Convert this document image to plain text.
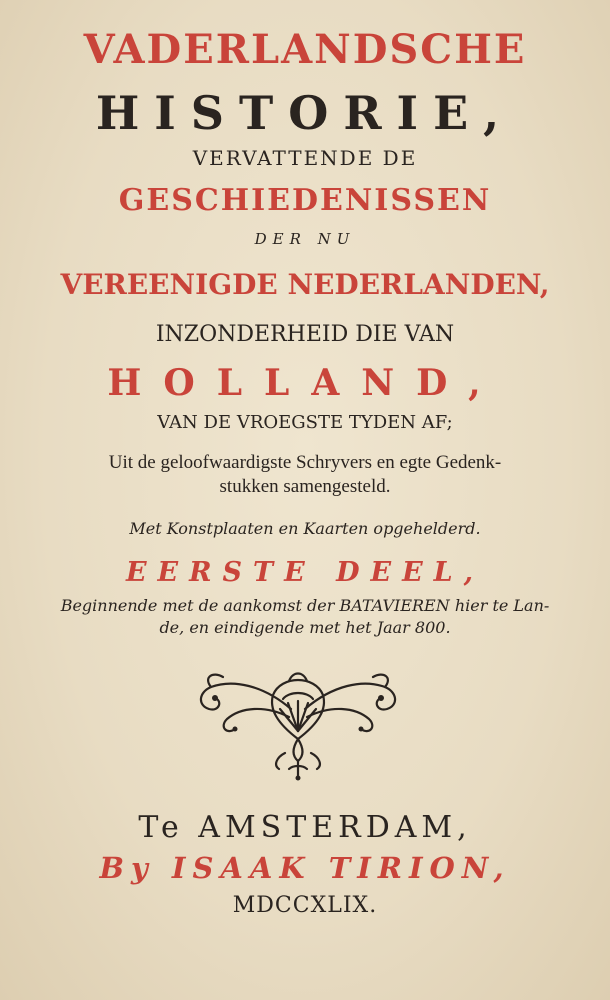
VADERLANDSCHE
HISTORIE,
VERVATTENDE DE
GESCHIEDENISSEN
DER NU
VEREENIGDE NEDERLANDEN,
INZONDERHEID DIE VAN
HOLLAND,
VAN DE VROEGSTE TYDEN AF;
Uit de geloofwaardigste Schryvers en egte Gedenk-
stukken samengesteld.
Met Konstplaaten en Kaarten opgehelderd.
EERSTE DEEL,
Beginnende met de aankomst der BATAVIEREN hier te Lan-
de, en eindigende met het Jaar 800.
Te AMSTERDAM,
By ISAAK TIRION,
MDCCXLIX.
